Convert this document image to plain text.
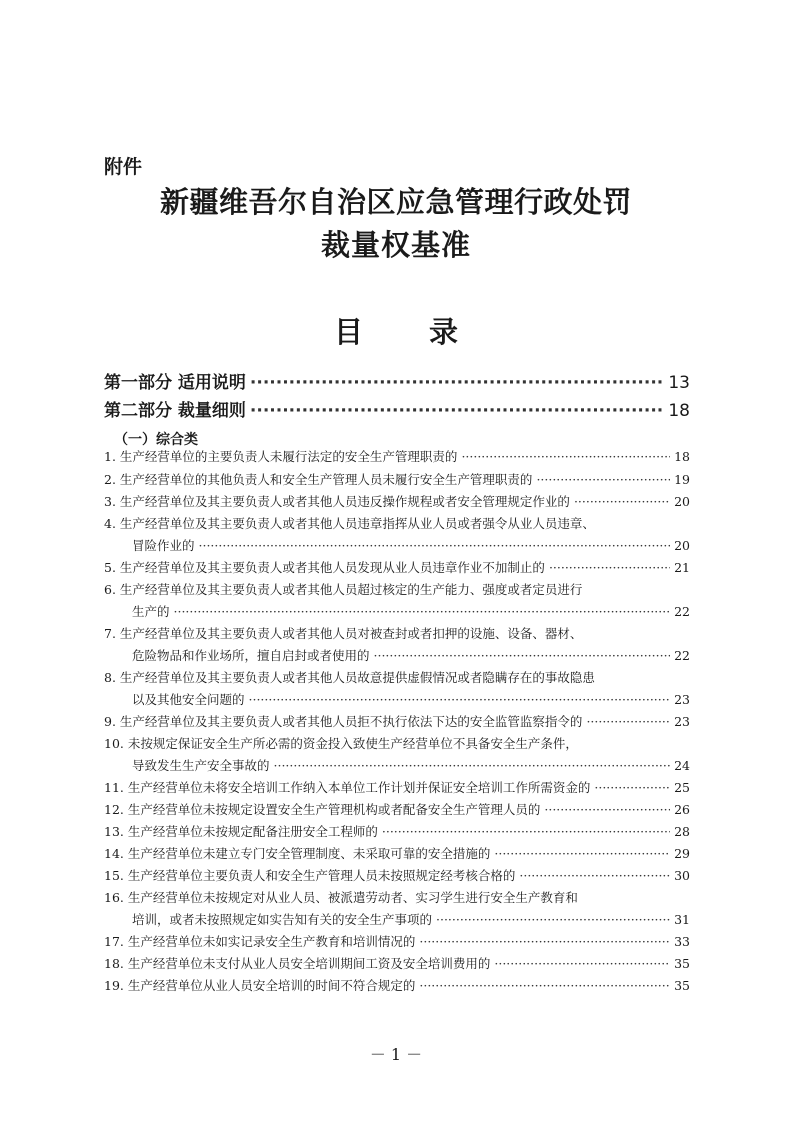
附件
新疆维吾尔自治区应急管理行政处罚
裁量权基准
目 录
第一部分 适用说明 ·····	13
第二部分 裁量细则 ·····	18
（一）综合类
1. 生产经营单位的主要负责人未履行法定的安全生产管理职责的 ·····	18
2. 生产经营单位的其他负责人和安全生产管理人员未履行安全生产管理职责的 ·····	19
3. 生产经营单位及其主要负责人或者其他人员违反操作规程或者安全管理规定作业的 ·····	20
4. 生产经营单位及其主要负责人或者其他人员违章指挥从业人员或者强令从业人员违章、
冒险作业的 ·····	20
5. 生产经营单位及其主要负责人或者其他人员发现从业人员违章作业不加制止的 ·····	21
6. 生产经营单位及其主要负责人或者其他人员超过核定的生产能力、强度或者定员进行
生产的 ·····	22
7. 生产经营单位及其主要负责人或者其他人员对被查封或者扣押的设施、设备、器材、
危险物品和作业场所，擅自启封或者使用的 ·····	22
8. 生产经营单位及其主要负责人或者其他人员故意提供虚假情况或者隐瞒存在的事故隐患
以及其他安全问题的 ·····	23
9. 生产经营单位及其主要负责人或者其他人员拒不执行依法下达的安全监管监察指令的 ·····	23
10. 未按规定保证安全生产所必需的资金投入致使生产经营单位不具备安全生产条件，
导致发生生产安全事故的 ·····	24
11. 生产经营单位未将安全培训工作纳入本单位工作计划并保证安全培训工作所需资金的 ·····	25
12. 生产经营单位未按规定设置安全生产管理机构或者配备安全生产管理人员的 ·····	26
13. 生产经营单位未按规定配备注册安全工程师的 ·····	28
14. 生产经营单位未建立专门安全管理制度、未采取可靠的安全措施的 ·····	29
15. 生产经营单位主要负责人和安全生产管理人员未按照规定经考核合格的 ·····	30
16. 生产经营单位未按规定对从业人员、被派遣劳动者、实习学生进行安全生产教育和
培训，或者未按照规定如实告知有关的安全生产事项的 ·····	31
17. 生产经营单位未如实记录安全生产教育和培训情况的 ·····	33
18. 生产经营单位未支付从业人员安全培训期间工资及安全培训费用的 ·····	35
19. 生产经营单位从业人员安全培训的时间不符合规定的 ·····	35
－ 1 －
